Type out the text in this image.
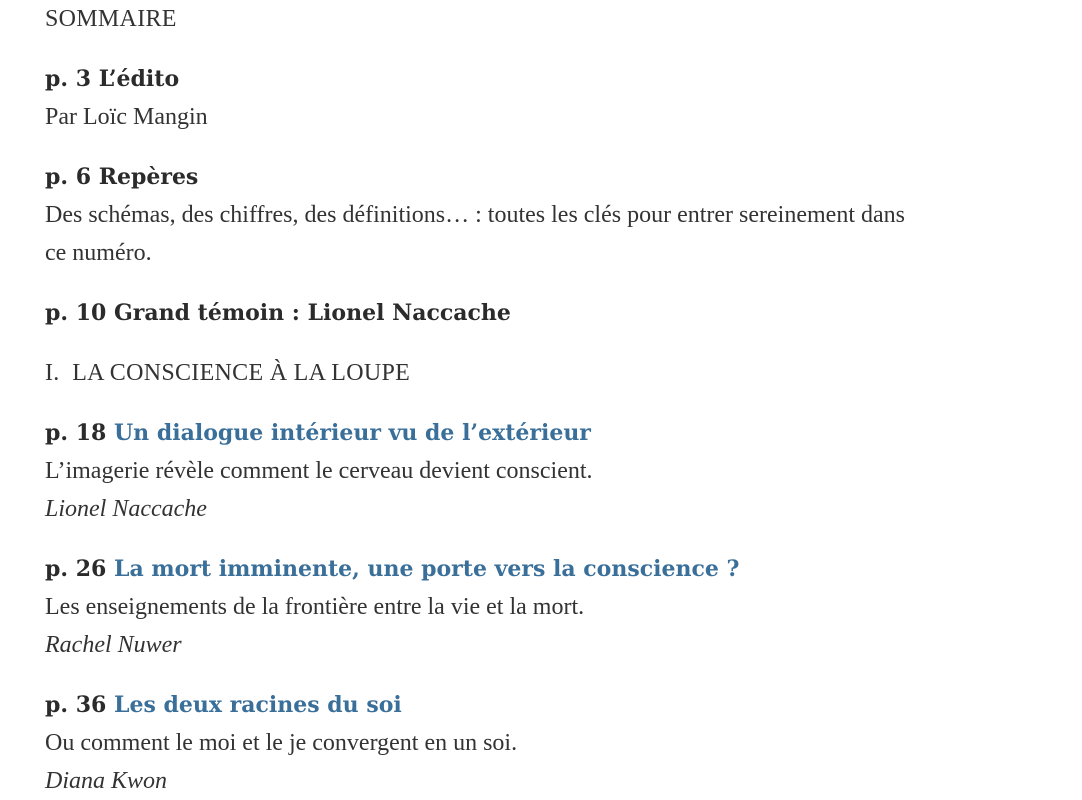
SOMMAIRE
p. 3 L’édito
Par Loïc Mangin
p. 6 Repères
Des schémas, des chiffres, des définitions… : toutes les clés pour entrer sereinement dans
ce numéro.
p. 10 Grand témoin : Lionel Naccache
I.  LA CONSCIENCE À LA LOUPE
p. 18 Un dialogue intérieur vu de l’extérieur
L’imagerie révèle comment le cerveau devient conscient.
Lionel Naccache
p. 26 La mort imminente, une porte vers la conscience ?
Les enseignements de la frontière entre la vie et la mort.
Rachel Nuwer
p. 36 Les deux racines du soi
Ou comment le moi et le je convergent en un soi.
Diana Kwon
